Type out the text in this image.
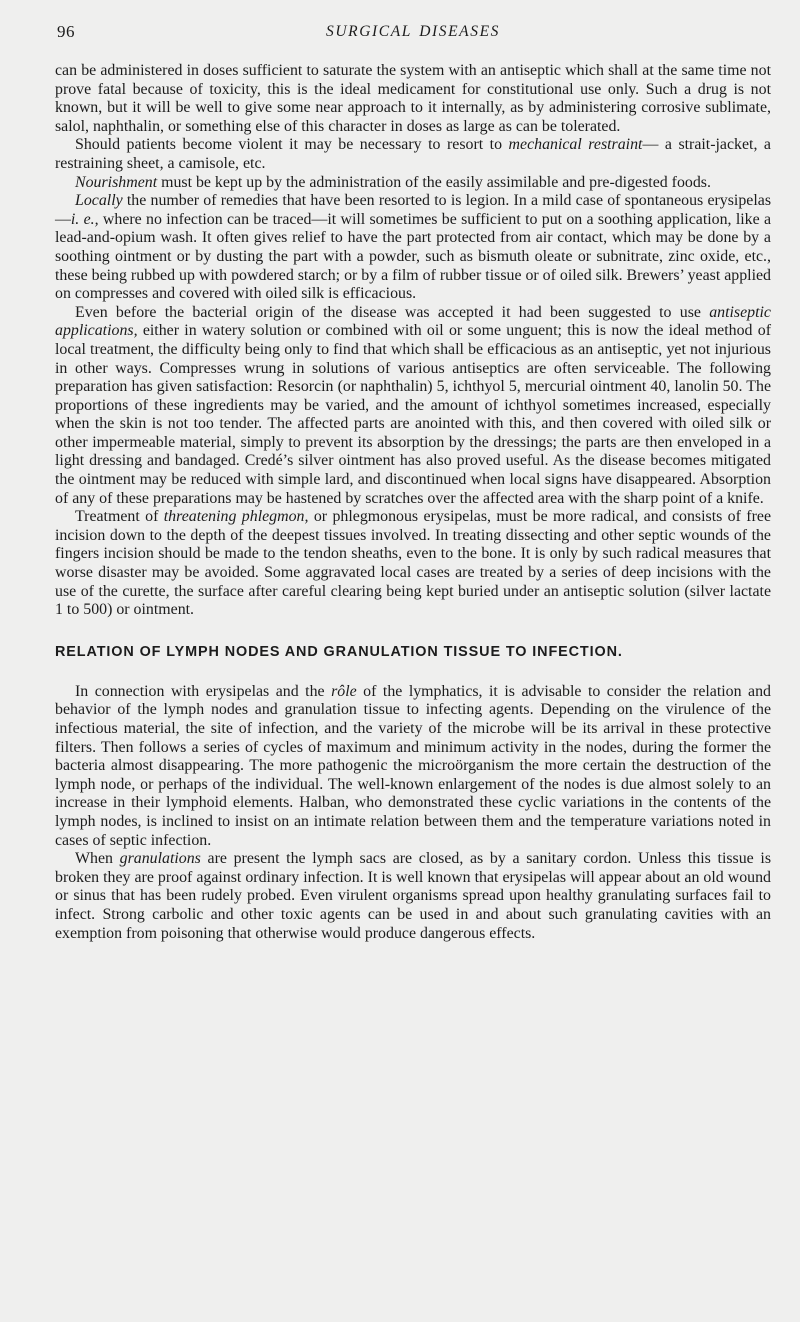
96	SURGICAL DISEASES

can be administered in doses sufficient to saturate the system with an antiseptic which shall at the same time not prove fatal because of toxicity, this is the ideal medicament for constitutional use only. Such a drug is not known, but it will be well to give some near approach to it internally, as by administering corrosive sublimate, salol, naphthalin, or something else of this character in doses as large as can be tolerated.

Should patients become violent it may be necessary to resort to mechanical restraint— a strait-jacket, a restraining sheet, a camisole, etc.

Nourishment must be kept up by the administration of the easily assimilable and pre-digested foods.

Locally the number of remedies that have been resorted to is legion. In a mild case of spontaneous erysipelas—i. e., where no infection can be traced—it will sometimes be sufficient to put on a soothing application, like a lead-and-opium wash. It often gives relief to have the part protected from air contact, which may be done by a soothing ointment or by dusting the part with a powder, such as bismuth oleate or subnitrate, zinc oxide, etc., these being rubbed up with powdered starch; or by a film of rubber tissue or of oiled silk. Brewers’ yeast applied on compresses and covered with oiled silk is efficacious.

Even before the bacterial origin of the disease was accepted it had been suggested to use antiseptic applications, either in watery solution or combined with oil or some unguent; this is now the ideal method of local treatment, the difficulty being only to find that which shall be efficacious as an antiseptic, yet not injurious in other ways. Compresses wrung in solutions of various antiseptics are often serviceable. The following preparation has given satisfaction: Resorcin (or naphthalin) 5, ichthyol 5, mercurial ointment 40, lanolin 50. The proportions of these ingredients may be varied, and the amount of ichthyol sometimes increased, especially when the skin is not too tender. The affected parts are anointed with this, and then covered with oiled silk or other impermeable material, simply to prevent its absorption by the dressings; the parts are then enveloped in a light dressing and bandaged. Credé’s silver ointment has also proved useful. As the disease becomes mitigated the ointment may be reduced with simple lard, and discontinued when local signs have disappeared. Absorption of any of these preparations may be hastened by scratches over the affected area with the sharp point of a knife.

Treatment of threatening phlegmon, or phlegmonous erysipelas, must be more radical, and consists of free incision down to the depth of the deepest tissues involved. In treating dissecting and other septic wounds of the fingers incision should be made to the tendon sheaths, even to the bone. It is only by such radical measures that worse disaster may be avoided. Some aggravated local cases are treated by a series of deep incisions with the use of the curette, the surface after careful clearing being kept buried under an antiseptic solution (silver lactate 1 to 500) or ointment.

RELATION OF LYMPH NODES AND GRANULATION TISSUE TO INFECTION.

In connection with erysipelas and the rôle of the lymphatics, it is advisable to consider the relation and behavior of the lymph nodes and granulation tissue to infecting agents. Depending on the virulence of the infectious material, the site of infection, and the variety of the microbe will be its arrival in these protective filters. Then follows a series of cycles of maximum and minimum activity in the nodes, during the former the bacteria almost disappearing. The more pathogenic the microörganism the more certain the destruction of the lymph node, or perhaps of the individual. The well-known enlargement of the nodes is due almost solely to an increase in their lymphoid elements. Halban, who demonstrated these cyclic variations in the contents of the lymph nodes, is inclined to insist on an intimate relation between them and the temperature variations noted in cases of septic infection.

When granulations are present the lymph sacs are closed, as by a sanitary cordon. Unless this tissue is broken they are proof against ordinary infection. It is well known that erysipelas will appear about an old wound or sinus that has been rudely probed. Even virulent organisms spread upon healthy granulating surfaces fail to infect. Strong carbolic and other toxic agents can be used in and about such granulating cavities with an exemption from poisoning that otherwise would produce dangerous effects.
